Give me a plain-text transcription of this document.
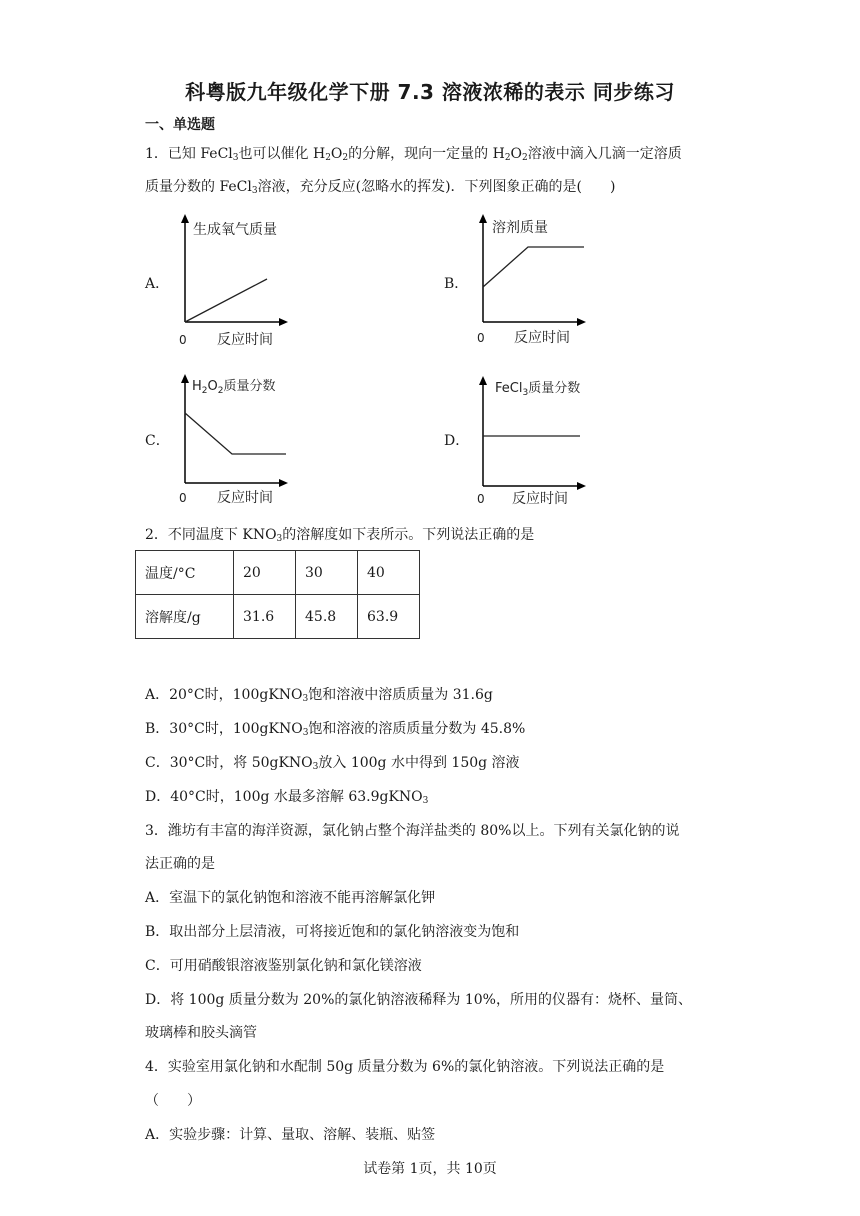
科粤版九年级化学下册 7.3 溶液浓稀的表示 同步练习
一、单选题
1．已知 FeCl$_3$也可以催化 $H_2O_2$的分解，现向一定量的 $H_2O_2$溶液中滴入几滴一定溶质
质量分数的 FeCl$_3$溶液，充分反应(忽略水的挥发)．下列图象正确的是(　　)
A．	B．
C．	D．
生成氧气质量
0 反应时间
溶剂质量
0 反应时间
$H_2O_2$质量分数
0 反应时间
FeCl$_3$质量分数
0 反应时间
2．不同温度下 $KNO_3$的溶解度如下表所示。下列说法正确的是
温度/°C	20	30	40
溶解度/g	31.6	45.8	63.9
A．20°C时，100gKNO$_3$饱和溶液中溶质质量为 31.6g
B．30°C时，100gKNO$_3$饱和溶液的溶质质量分数为 45.8%
C．30°C时，将 50gKNO$_3$放入 100g 水中得到 150g 溶液
D．40°C时，100g 水最多溶解 63.9gKNO$_3$
3．潍坊有丰富的海洋资源，氯化钠占整个海洋盐类的 80%以上。下列有关氯化钠的说
法正确的是
A．室温下的氯化钠饱和溶液不能再溶解氯化钾
B．取出部分上层清液，可将接近饱和的氯化钠溶液变为饱和
C．可用硝酸银溶液鉴别氯化钠和氯化镁溶液
D．将 100g 质量分数为 20%的氯化钠溶液稀释为 10%，所用的仪器有：烧杯、量筒、
玻璃棒和胶头滴管
4．实验室用氯化钠和水配制 50g 质量分数为 6%的氯化钠溶液。下列说法正确的是
（　　）
A．实验步骤：计算、量取、溶解、装瓶、贴签
试卷第 1页，共 10页
